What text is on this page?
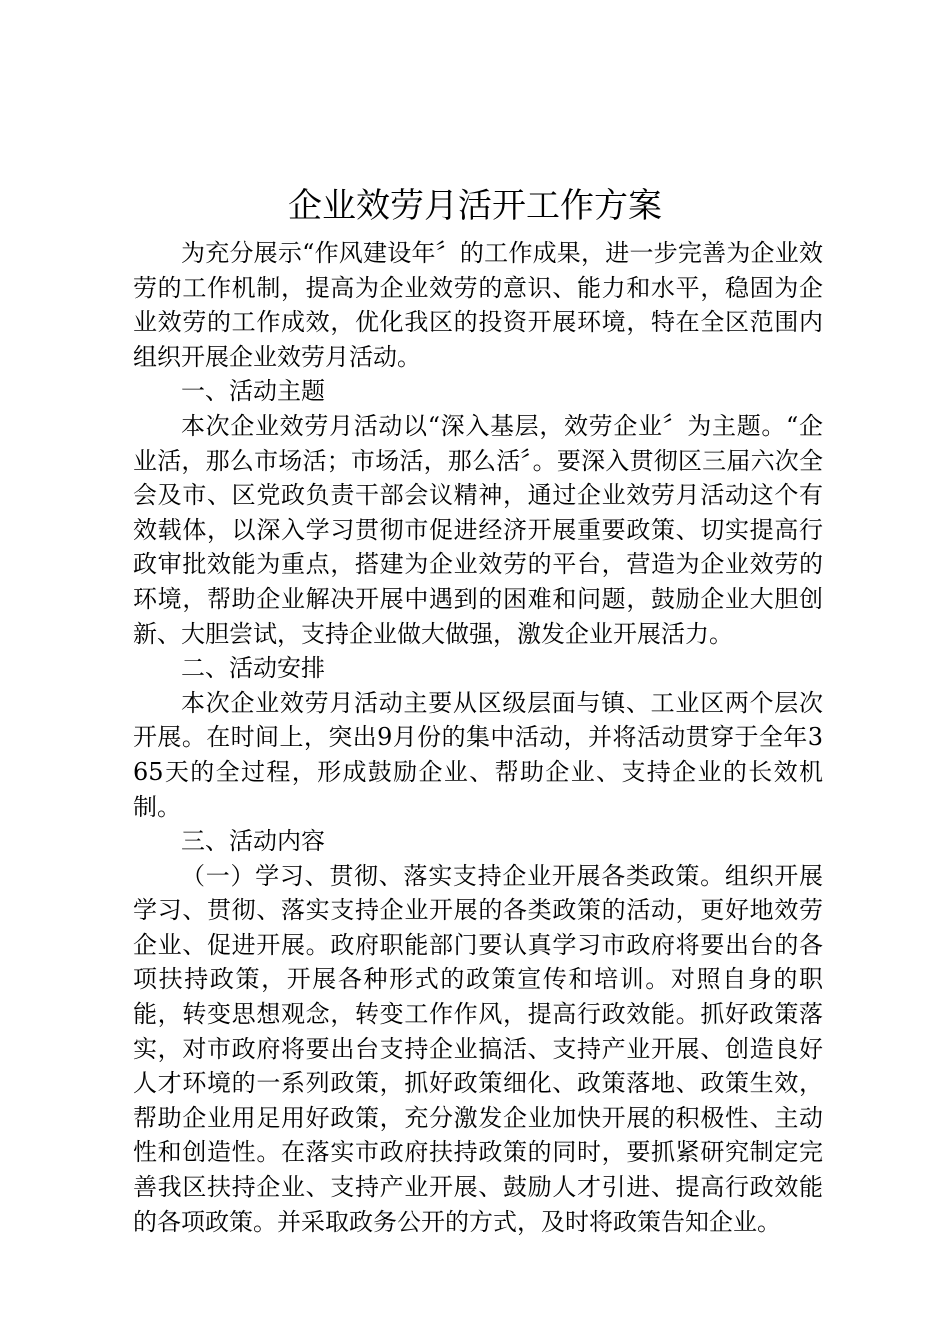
企业效劳月活开工作方案

为充分展示“作风建设年〞的工作成果，进一步完善为企业效劳的工作机制，提高为企业效劳的意识、能力和水平，稳固为企业效劳的工作成效，优化我区的投资开展环境，特在全区范围内组织开展企业效劳月活动。

一、活动主题

本次企业效劳月活动以“深入基层，效劳企业〞为主题。“企业活，那么市场活；市场活，那么活〞。要深入贯彻区三届六次全会及市、区党政负责干部会议精神，通过企业效劳月活动这个有效载体，以深入学习贯彻市促进经济开展重要政策、切实提高行政审批效能为重点，搭建为企业效劳的平台，营造为企业效劳的环境，帮助企业解决开展中遇到的困难和问题，鼓励企业大胆创新、大胆尝试，支持企业做大做强，激发企业开展活力。

二、活动安排

本次企业效劳月活动主要从区级层面与镇、工业区两个层次开展。在时间上，突出9月份的集中活动，并将活动贯穿于全年365天的全过程，形成鼓励企业、帮助企业、支持企业的长效机制。

三、活动内容

（一）学习、贯彻、落实支持企业开展各类政策。组织开展学习、贯彻、落实支持企业开展的各类政策的活动，更好地效劳企业、促进开展。政府职能部门要认真学习市政府将要出台的各项扶持政策，开展各种形式的政策宣传和培训。对照自身的职能，转变思想观念，转变工作作风，提高行政效能。抓好政策落实，对市政府将要出台支持企业搞活、支持产业开展、创造良好人才环境的一系列政策，抓好政策细化、政策落地、政策生效，帮助企业用足用好政策，充分激发企业加快开展的积极性、主动性和创造性。在落实市政府扶持政策的同时，要抓紧研究制定完善我区扶持企业、支持产业开展、鼓励人才引进、提高行政效能的各项政策。并采取政务公开的方式，及时将政策告知企业。
